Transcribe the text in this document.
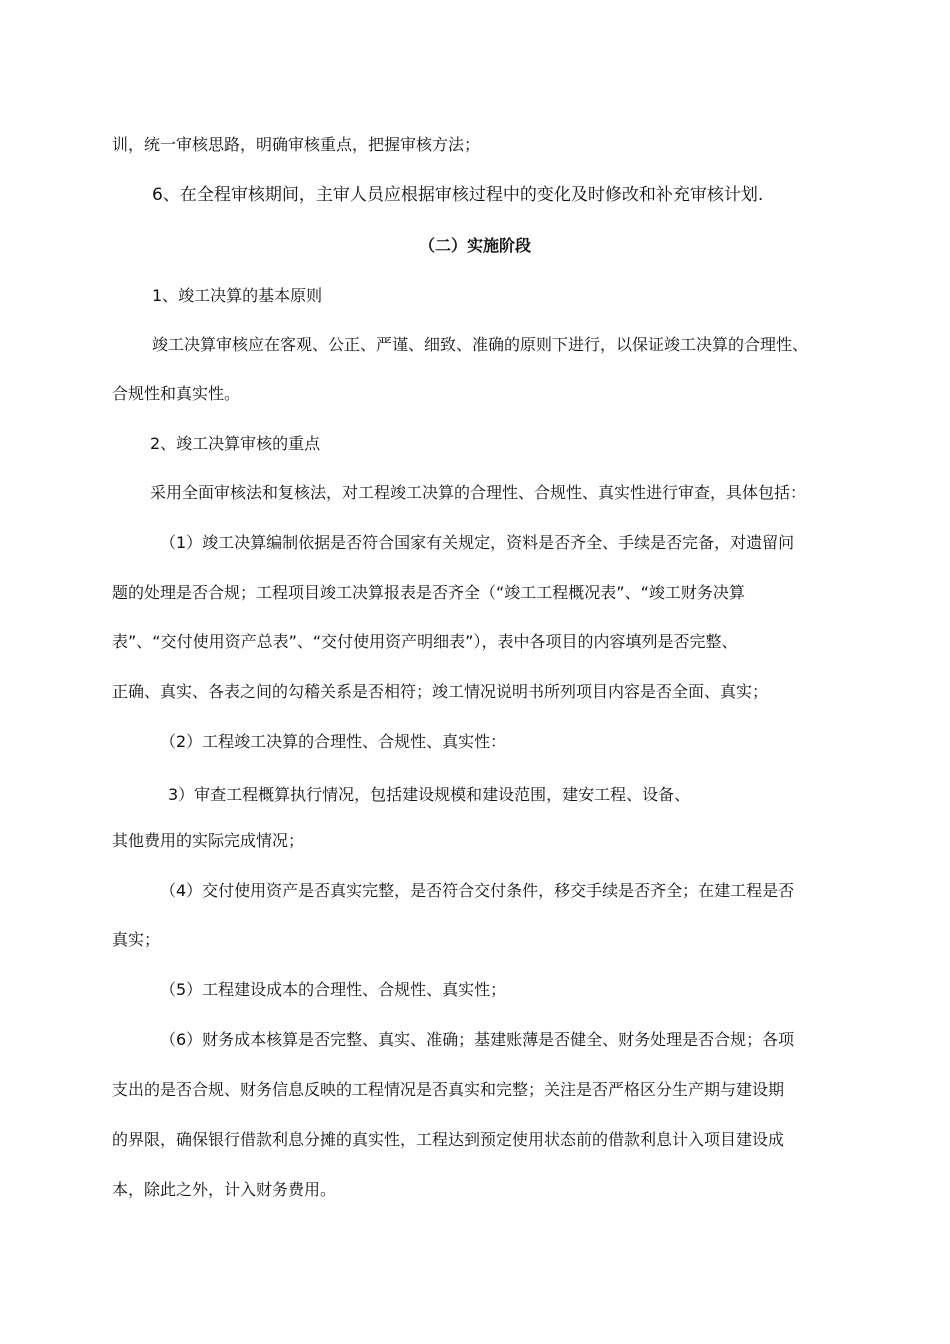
训，统一审核思路，明确审核重点，把握审核方法；
6、在全程审核期间，主审人员应根据审核过程中的变化及时修改和补充审核计划.
（二）实施阶段
1、竣工决算的基本原则
竣工决算审核应在客观、公正、严谨、细致、准确的原则下进行，以保证竣工决算的合理性、
合规性和真实性。
2、竣工决算审核的重点
采用全面审核法和复核法，对工程竣工决算的合理性、合规性、真实性进行审查，具体包括：
（1）竣工决算编制依据是否符合国家有关规定，资料是否齐全、手续是否完备，对遗留问
题的处理是否合规；工程项目竣工决算报表是否齐全（“竣工工程概况表”、“竣工财务决算
表”、“交付使用资产总表”、“交付使用资产明细表”），表中各项目的内容填列是否完整、
正确、真实、各表之间的勾稽关系是否相符；竣工情况说明书所列项目内容是否全面、真实；
（2）工程竣工决算的合理性、合规性、真实性：
3）审查工程概算执行情况，包括建设规模和建设范围，建安工程、设备、
其他费用的实际完成情况；
（4）交付使用资产是否真实完整，是否符合交付条件，移交手续是否齐全；在建工程是否
真实；
（5）工程建设成本的合理性、合规性、真实性；
（6）财务成本核算是否完整、真实、准确；基建账薄是否健全、财务处理是否合规；各项
支出的是否合规、财务信息反映的工程情况是否真实和完整；关注是否严格区分生产期与建设期
的界限，确保银行借款利息分摊的真实性，工程达到预定使用状态前的借款利息计入项目建设成
本，除此之外，计入财务费用。
